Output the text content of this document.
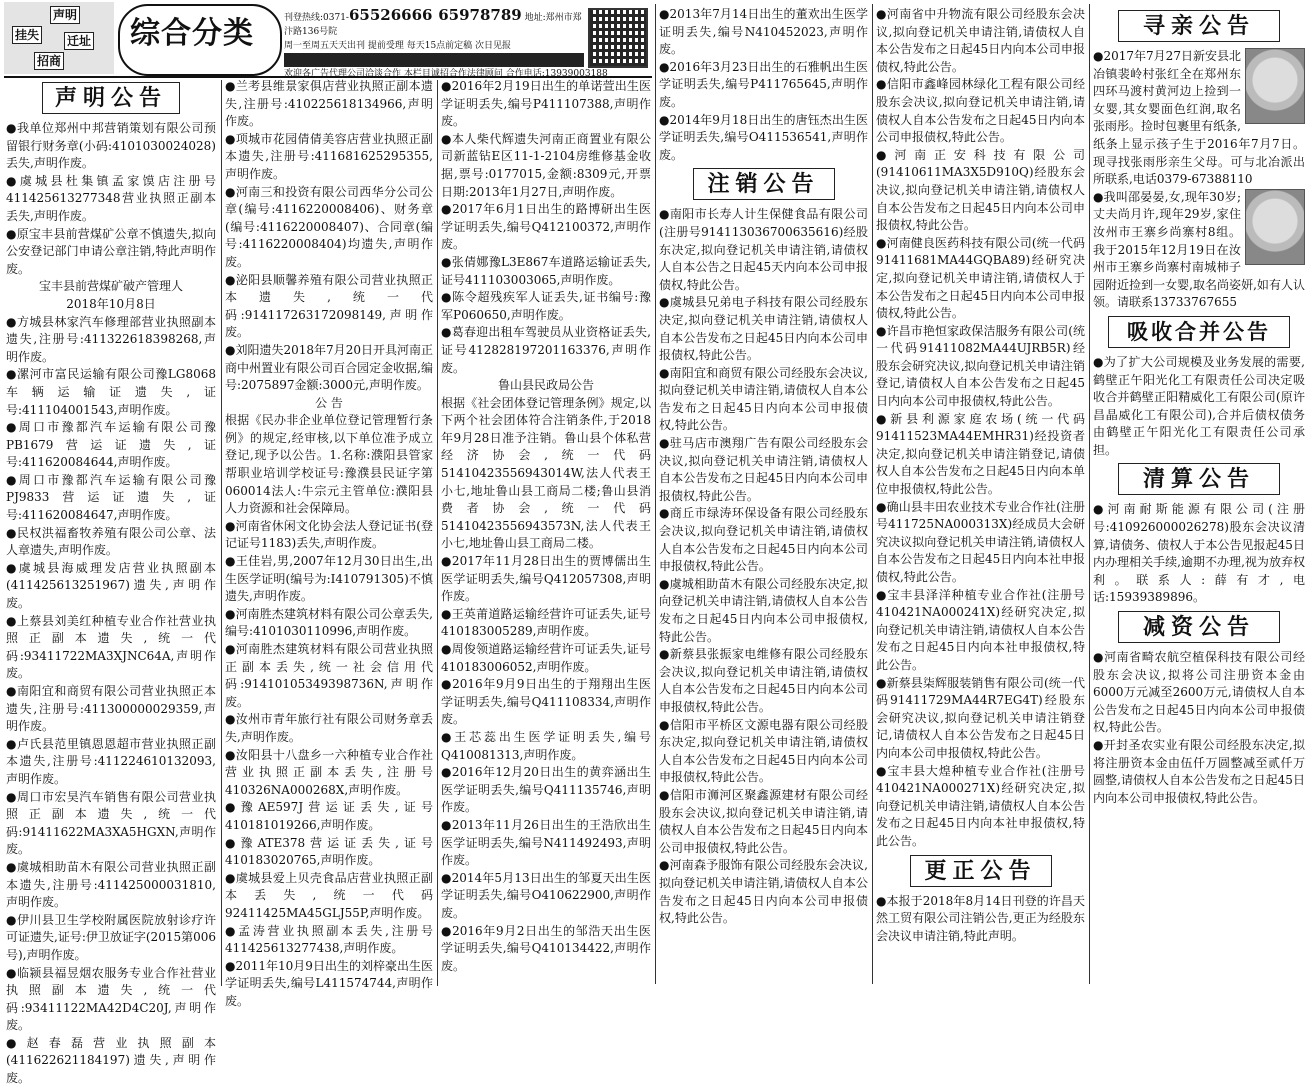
声明
挂失 迁址
招商
综合分类	刊登热线:0371-65526666 65978789 地址:郑州市郑汴路136号院
周一至周五天天出刊 提前受理 每天15点前定稿 次日见报
欢迎各广告代理公司洽谈合作 本栏目诚招合作法律顾问 合作电话:13939003188
声明公告

●我单位郑州中邦营销策划有限公司预留银行财务章(小码:4101030024028)丢失,声明作废。

●虞城县杜集镇孟家馍店注册号411425613277348营业执照正副本丢失,声明作废。

●原宝丰县前营煤矿公章不慎遗失,拟向公安登记部门申请公章注销,特此声明作废。

宝丰县前营煤矿破产管理人

2018年10月8日

●方城县林家汽车修理部营业执照副本遗失,注册号:411322618398268,声明作废。

●漯河市富民运输有限公司豫LG8068车辆运输证遗失,证号:411104001543,声明作废。

●周口市豫都汽车运输有限公司豫PB1679营运证遗失,证号:411620084644,声明作废。

●周口市豫都汽车运输有限公司豫PJ9833营运证遗失,证号:411620084647,声明作废。

●民权洪福畜牧养殖有限公司公章、法人章遗失,声明作废。

●虞城县海威理发店营业执照副本(411425613251967)遗失,声明作废。

●上蔡县刘美红种植专业合作社营业执照正副本遗失,统一代码:93411722MA3XJNC64A,声明作废。

●南阳宜和商贸有限公司营业执照正本遗失,注册号:411300000029359,声明作废。

●卢氏县范里镇恩恩超市营业执照正副本遗失,注册号:411224610132093,声明作废。

●周口市宏昊汽车销售有限公司营业执照正副本遗失,统一代码:91411622MA3XA5HGXN,声明作废。

●虞城相助苗木有限公司营业执照正副本遗失,注册号:411425000031810,声明作废。

●伊川县卫生学校附属医院放射诊疗许可证遗失,证号:伊卫放证字(2015第006号),声明作废。

●临颍县福昱烟农服务专业合作社营业执照副本遗失,统一代码:93411122MA42D4C20J,声明作废。

●赵春磊营业执照副本(411622621184197)遗失,声明作废。

●兰考县维景家俱店营业执照正副本遗失,注册号:410225618134966,声明作废。

●项城市花园倩倩美容店营业执照正副本遗失,注册号:411681625295355,声明作废。

●河南三和投资有限公司西华分公司公章(编号:4116220008406)、财务章(编号:4116220008407)、合同章(编号:4116220008404)均遗失,声明作废。

●泌阳县顺馨养殖有限公司营业执照正本遗失,统一代码:914117263172098149,声明作废。

●刘阳遗失2018年7月20日开具河南正商中州置业有限公司百合园定金收据,编号:2075897金额:3000元,声明作废。

公 告

根据《民办非企业单位登记管理暂行条例》的规定,经审核,以下单位准予成立登记,现予以公告。1.名称:濮阳县管家帮职业培训学校证号:豫濮县民证字第060014法人:牛宗元主管单位:濮阳县人力资源和社会保障局。

●河南省休闲文化协会法人登记证书(登记证号1183)丢失,声明作废。

●王佳岩,男,2007年12月30日出生,出生医学证明(编号为:I410791305)不慎遗失,声明作废。

●河南胜杰建筑材料有限公司公章丢失,编号:4101030110996,声明作废。

●河南胜杰建筑材料有限公司营业执照正副本丢失,统一社会信用代码:91410105349398736N,声明作废。

●汝州市青年旅行社有限公司财务章丢失,声明作废。

●汝阳县十八盘乡一六种植专业合作社营业执照正副本丢失,注册号410326NA000268X,声明作废。

●豫AE597J营运证丢失,证号410181019266,声明作废。

●豫ATE378营运证丢失,证号410183020765,声明作废。

●虞城县爱上贝壳食品店营业执照正副本丢失,统一代码92411425MA45GLJ55P,声明作废。

●孟涛营业执照副本丢失,注册号411425613277438,声明作废。

●2011年10月9日出生的刘梓豪出生医学证明丢失,编号L411574744,声明作废。

●2016年2月19日出生的单诺萱出生医学证明丢失,编号P411107388,声明作废。

●本人柴代辉遗失河南正商置业有限公司新蓝钻E区11-1-2104房维修基金收据,票号:0177015,金额:8309元,开票日期:2013年1月27日,声明作废。

●2017年6月1日出生的路博研出生医学证明丢失,编号Q412100372,声明作废。

●张倩娜豫L3E867车道路运输证丢失,证号411103003065,声明作废。

●陈令超残疾军人证丢失,证书编号:豫军P060650,声明作废。

●葛春迎出租车驾驶员从业资格证丢失,证号412828197201163376,声明作废。

鲁山县民政局公告

根据《社会团体登记管理条例》规定,以下两个社会团体符合注销条件,于2018年9月28日准予注销。鲁山县个体私营经济协会,统一代码51410423556943014W,法人代表王小七,地址鲁山县工商局二楼;鲁山县消费者协会,统一代码51410423556943573N,法人代表王小七,地址鲁山县工商局二楼。

●2017年11月28日出生的贾博儒出生医学证明丢失,编号Q412057308,声明作废。

●王英莆道路运输经营许可证丢失,证号410183005289,声明作废。

●周俊领道路运输经营许可证丢失,证号410183006052,声明作废。

●2016年9月9日出生的于翔翔出生医学证明丢失,编号Q411108334,声明作废。

●王芯蕊出生医学证明丢失,编号Q410081313,声明作废。

●2016年12月20日出生的黄弈涵出生医学证明丢失,编号Q411135746,声明作废。

●2013年11月26日出生的王浩欣出生医学证明丢失,编号N411492493,声明作废。

●2014年5月13日出生的邹夏天出生医学证明丢失,编号O410622900,声明作废。

●2016年9月2日出生的邹浩天出生医学证明丢失,编号Q410134422,声明作废。

●2013年7月14日出生的董欢出生医学证明丢失,编号N410452023,声明作废。

●2016年3月23日出生的石雅帆出生医学证明丢失,编号P411765645,声明作废。

●2014年9月18日出生的唐钰杰出生医学证明丢失,编号O411536541,声明作废。

注销公告

●南阳市长寿人计生保健食品有限公司(注册号914113036700635616)经股东决定,拟向登记机关申请注销,请债权人自本公告之日起45天内向本公司申报债权,特此公告。

●虞城县兄弟电子科技有限公司经股东决定,拟向登记机关申请注销,请债权人自本公告发布之日起45日内向本公司申报债权,特此公告。

●南阳宜和商贸有限公司经股东会决议,拟向登记机关申请注销,请债权人自本公告发布之日起45日内向本公司申报债权,特此公告。

●驻马店市澳翔广告有限公司经股东会决议,拟向登记机关申请注销,请债权人自本公告发布之日起45日内向本公司申报债权,特此公告。

●商丘市绿涛环保设备有限公司经股东会决议,拟向登记机关申请注销,请债权人自本公告发布之日起45日内向本公司申报债权,特此公告。

●虞城相助苗木有限公司经股东决定,拟向登记机关申请注销,请债权人自本公告发布之日起45日内向本公司申报债权,特此公告。

●新蔡县张振家电维修有限公司经股东会决议,拟向登记机关申请注销,请债权人自本公告发布之日起45日内向本公司申报债权,特此公告。

●信阳市平桥区文源电器有限公司经股东决定,拟向登记机关申请注销,请债权人自本公告发布之日起45日内向本公司申报债权,特此公告。

●信阳市浉河区聚鑫源建材有限公司经股东会决议,拟向登记机关申请注销,请债权人自本公告发布之日起45日内向本公司申报债权,特此公告。

●河南森予服饰有限公司经股东会决议,拟向登记机关申请注销,请债权人自本公告发布之日起45日内向本公司申报债权,特此公告。

●河南省中升物流有限公司经股东会决议,拟向登记机关申请注销,请债权人自本公告发布之日起45日内向本公司申报债权,特此公告。

●信阳市鑫峰园林绿化工程有限公司经股东会决议,拟向登记机关申请注销,请债权人自本公告发布之日起45日内向本公司申报债权,特此公告。

●河南正安科技有限公司(91410611MA3X5D910Q)经股东会决议,拟向登记机关申请注销,请债权人自本公告发布之日起45日内向本公司申报债权,特此公告。

●河南健良医药科技有限公司(统一代码91411681MA44GQBA89)经研究决定,拟向登记机关申请注销,请债权人于本公告发布之日起45日内向本公司申报债权,特此公告。

●许昌市艳恒家政保洁服务有限公司(统一代码91411082MA44UJRB5R)经股东会研究决议,拟向登记机关申请注销登记,请债权人自本公告发布之日起45日内向本公司申报债权,特此公告。

●新县利源家庭农场(统一代码91411523MA44EMHR31)经投资者决定,拟向登记机关申请注销登记,请债权人自本公告发布之日起45日内向本单位申报债权,特此公告。

●确山县丰田农业技术专业合作社(注册号411725NA000313X)经成员大会研究决议拟向登记机关申请注销,请债权人自本公告发布之日起45日内向本社申报债权,特此公告。

●宝丰县泽洋种植专业合作社(注册号410421NA000241X)经研究决定,拟向登记机关申请注销,请债权人自本公告发布之日起45日内向本社申报债权,特此公告。

●新蔡县柒辉服装销售有限公司(统一代码91411729MA44R7EG4T)经股东会研究决议,拟向登记机关申请注销登记,请债权人自本公告发布之日起45日内向本公司申报债权,特此公告。

●宝丰县大煌种植专业合作社(注册号410421NA000271X)经研究决定,拟向登记机关申请注销,请债权人自本公告发布之日起45日内向本社申报债权,特此公告。

更正公告

●本报于2018年8月14日刊登的许昌天然工贸有限公司注销公告,更正为经股东会决议申请注销,特此声明。

寻亲公告

●2017年7月27日新安县北冶镇裴岭村张红全在郑州东四环马渡村黄河边上捡到一女婴,其女婴面色红润,取名张雨彤。捡时包裹里有纸条,纸条上显示孩子生于2016年7月7日。现寻找张雨彤亲生父母。可与北冶派出所联系,电话0379-67388110

●我叫邵晏晏,女,现年30岁;丈夫尚月许,现年29岁,家住汝州市王寨乡尚寨村8组。我于2015年12月19日在汝州市王寨乡尚寨村南城柿子园附近捡到一女婴,取名尚姿妍,如有人认领。请联系13733767655

吸收合并公告

●为了扩大公司规模及业务发展的需要,鹤壁正午阳光化工有限责任公司决定吸收合并鹤壁正阳精威化工有限公司(原许昌晶威化工有限公司),合并后债权债务由鹤壁正午阳光化工有限责任公司承担。

清算公告

●河南耐斯能源有限公司(注册号:410926000026278)股东会决议清算,请债务、债权人于本公告见报起45日内办理相关手续,逾期不办理,视为放弃权利。联系人:薛有才,电话:15939389896。

减资公告

●河南省畸农航空植保科技有限公司经股东会决议,拟将公司注册资本金由6000万元减至2600万元,请债权人自本公告发布之日起45日内向本公司申报债权,特此公告。

●开封圣农实业有限公司经股东决定,拟将注册资本金由伍仟万圆整减至贰仟万圆整,请债权人自本公告发布之日起45日内向本公司申报债权,特此公告。
